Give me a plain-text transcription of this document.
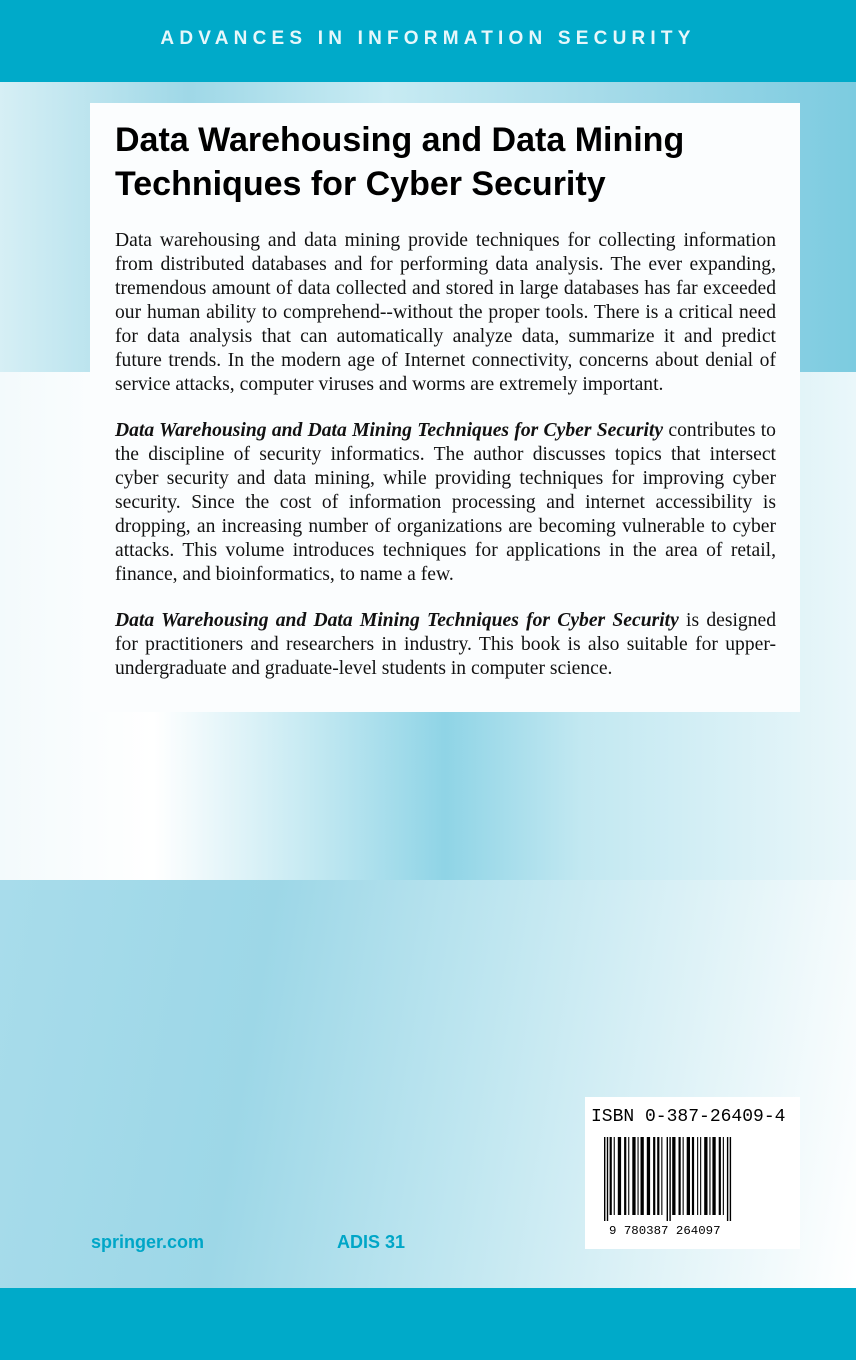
ADVANCES IN INFORMATION SECURITY
Data Warehousing and Data Mining
Techniques for Cyber Security

Data warehousing and data mining provide techniques for collecting information from distributed databases and for performing data analysis. The ever expanding, tremendous amount of data collected and stored in large databases has far exceeded our human ability to comprehend--without the proper tools. There is a critical need for data analysis that can automatically analyze data, summarize it and predict future trends. In the modern age of Internet connectivity, concerns about denial of service attacks, computer viruses and worms are extremely important.

Data Warehousing and Data Mining Techniques for Cyber Security contributes to the discipline of security informatics. The author discusses topics that intersect cyber security and data mining, while providing techniques for improving cyber security. Since the cost of information processing and internet accessibility is dropping, an increasing number of organizations are becoming vulnerable to cyber attacks. This volume introduces techniques for applications in the area of retail, finance, and bioinformatics, to name a few.

Data Warehousing and Data Mining Techniques for Cyber Security is designed for practitioners and researchers in industry. This book is also suitable for upper-undergraduate and graduate-level students in computer science.

springer.com	ADIS 31
ISBN 0-387-26409-4
9 780387 264097
